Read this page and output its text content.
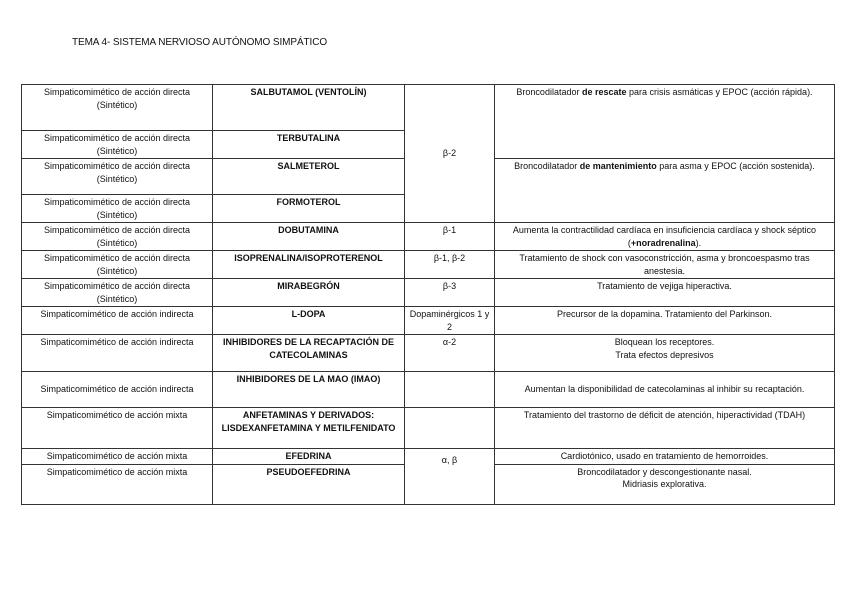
TEMA 4- SISTEMA NERVIOSO AUTÓNOMO SIMPÁTICO
Simpaticomimético de acción directa (Sintético)	SALBUTAMOL (VENTOLÍN)	β-2	Broncodilatador de rescate para crisis asmáticas y EPOC (acción rápida).
Simpaticomimético de acción directa (Sintético)	TERBUTALINA		
Simpaticomimético de acción directa (Sintético)	SALMETEROL		Broncodilatador de mantenimiento para asma y EPOC (acción sostenida).
Simpaticomimético de acción directa (Sintético)	FORMOTEROL		
Simpaticomimético de acción directa (Sintético)	DOBUTAMINA	β-1	Aumenta la contractilidad cardíaca en insuficiencia cardíaca y shock séptico (+noradrenalina).
Simpaticomimético de acción directa (Sintético)	ISOPRENALINA/ISOPROTERENOL	β-1, β-2	Tratamiento de shock con vasoconstricción, asma y broncoespasmo tras anestesia.
Simpaticomimético de acción directa (Sintético)	MIRABEGRÓN	β-3	Tratamiento de vejiga hiperactiva.
Simpaticomimético de acción indirecta	L-DOPA	Dopaminérgicos 1 y 2	Precursor de la dopamina. Tratamiento del Parkinson.
Simpaticomimético de acción indirecta	INHIBIDORES DE LA RECAPTACIÓN DE CATECOLAMINAS	α-2	Bloquean los receptores.
Trata efectos depresivos

Simpaticomimético de acción indirecta	INHIBIDORES DE LA MAO (IMAO)		Aumentan la disponibilidad de catecolaminas al inhibir su recaptación.
Simpaticomimético de acción mixta	ANFETAMINAS Y DERIVADOS: LISDEXANFETAMINA Y METILFENIDATO		Tratamiento del trastorno de déficit de atención, hiperactividad (TDAH)
Simpaticomimético de acción mixta	EFEDRINA	α, β	Cardiotónico, usado en tratamiento de hemorroides.
Simpaticomimético de acción mixta	PSEUDOEFEDRINA		Broncodilatador y descongestionante nasal.
Midriasis explorativa.
